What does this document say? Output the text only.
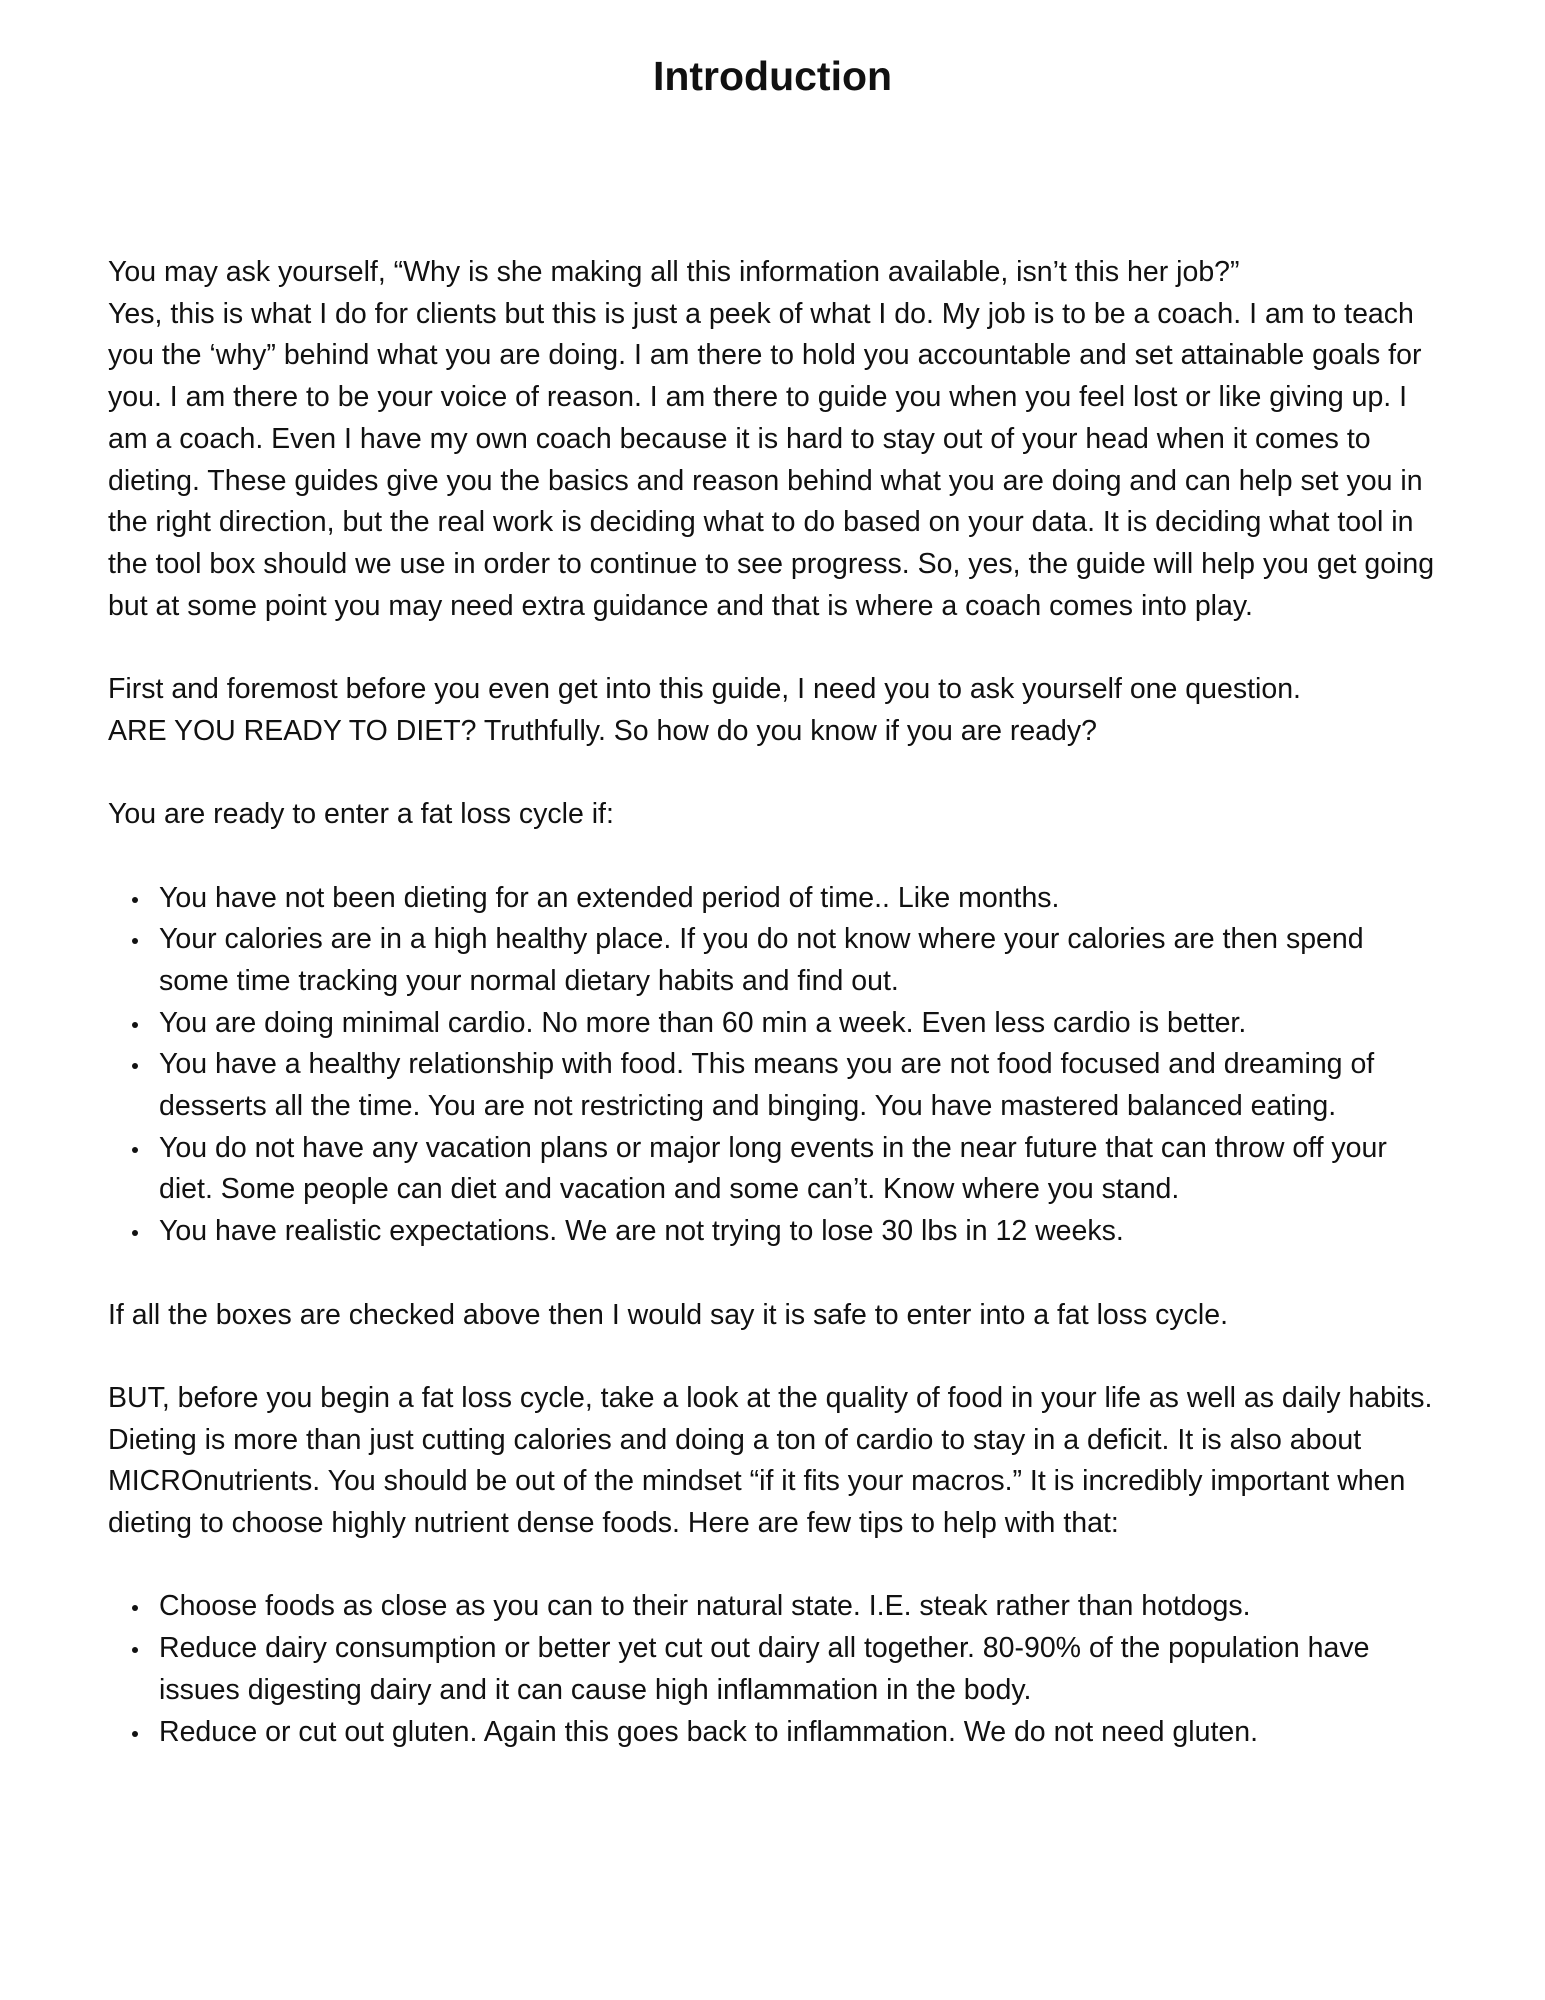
Introduction
You may ask yourself, “Why is she making all this information available, isn’t this her job?”
Yes, this is what I do for clients but this is just a peek of what I do. My job is to be a coach. I am to teach you the ‘why” behind what you are doing. I am there to hold you accountable and set attainable goals for you. I am there to be your voice of reason. I am there to guide you when you feel lost or like giving up. I am a coach. Even I have my own coach because it is hard to stay out of your head when it comes to dieting. These guides give you the basics and reason behind what you are doing and can help set you in the right direction, but the real work is deciding what to do based on your data. It is deciding what tool in the tool box should we use in order to continue to see progress. So, yes, the guide will help you get going but at some point you may need extra guidance and that is where a coach comes into play.
First and foremost before you even get into this guide, I need you to ask yourself one question.
ARE YOU READY TO DIET? Truthfully. So how do you know if you are ready?

You are ready to enter a fat loss cycle if:

You have not been dieting for an extended period of time.. Like months.
Your calories are in a high healthy place. If you do not know where your calories are then spend some time tracking your normal dietary habits and find out.
You are doing minimal cardio. No more than 60 min a week. Even less cardio is better.
You have a healthy relationship with food. This means you are not food focused and dreaming of desserts all the time. You are not restricting and binging. You have mastered balanced eating.
You do not have any vacation plans or major long events in the near future that can throw off your diet. Some people can diet and vacation and some can’t. Know where you stand.
You have realistic expectations. We are not trying to lose 30 lbs in 12 weeks.

If all the boxes are checked above then I would say it is safe to enter into a fat loss cycle.

BUT, before you begin a fat loss cycle, take a look at the quality of food in your life as well as daily habits. Dieting is more than just cutting calories and doing a ton of cardio to stay in a deficit. It is also about MICROnutrients. You should be out of the mindset “if it fits your macros.” It is incredibly important when dieting to choose highly nutrient dense foods. Here are few tips to help with that:

Choose foods as close as you can to their natural state. I.E. steak rather than hotdogs.
Reduce dairy consumption or better yet cut out dairy all together. 80-90% of the population have issues digesting dairy and it can cause high inflammation in the body.
Reduce or cut out gluten. Again this goes back to inflammation. We do not need gluten.
